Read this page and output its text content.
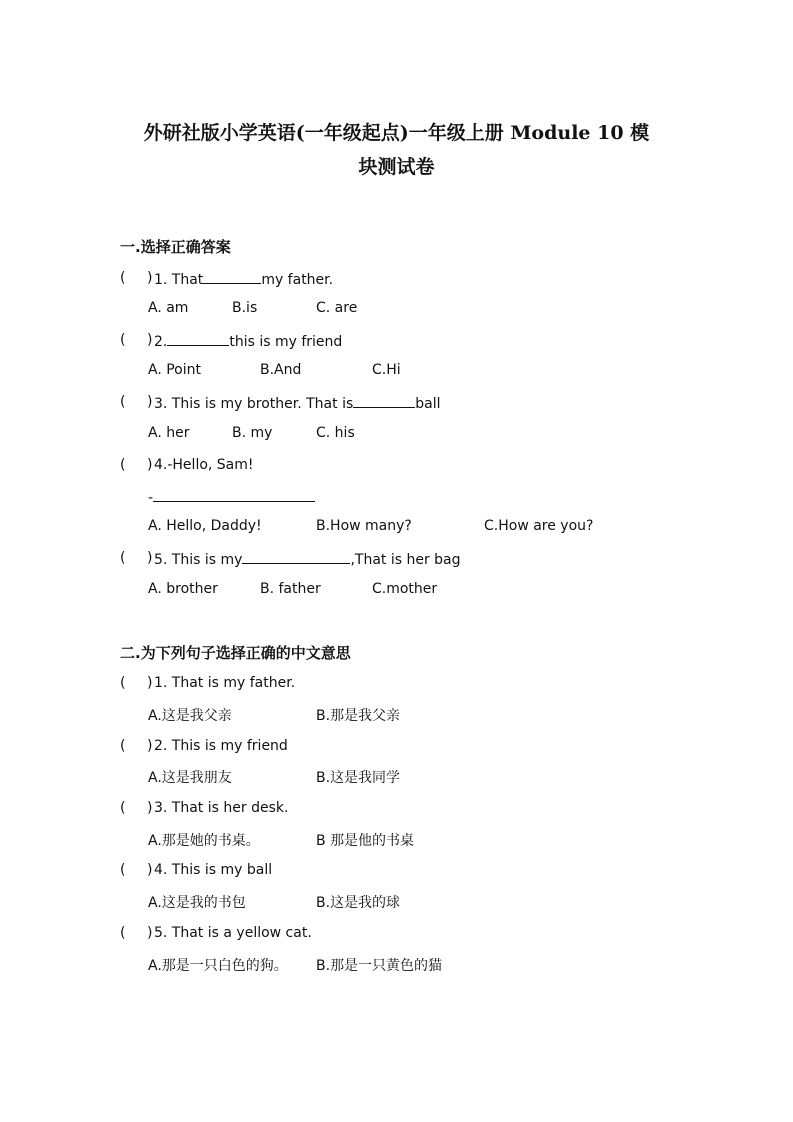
外研社版小学英语(一年级起点)一年级上册 Module 10 模
块测试卷
一.选择正确答案
( ) 1. That	my father.
A. am	B.is	C. are
( ) 2.	this is my friend
A. Point	B.And	C.Hi
( ) 3. This is my brother. That is	ball
A. her	B. my	C. his
( ) 4.-Hello, Sam!
-
A. Hello, Daddy!	B.How many?	C.How are you?
( ) 5. This is my	,That is her bag
A. brother	B. father	C.mother
二.为下列句子选择正确的中文意思
( ) 1. That is my father.
A.这是我父亲	B.那是我父亲
( ) 2. This is my friend
A.这是我朋友	B.这是我同学
( ) 3. That is her desk.
A.那是她的书桌。	B 那是他的书桌
( ) 4. This is my ball
A.这是我的书包	B.这是我的球
( ) 5. That is a yellow cat.
A.那是一只白色的狗。 B.那是一只黄色的猫
